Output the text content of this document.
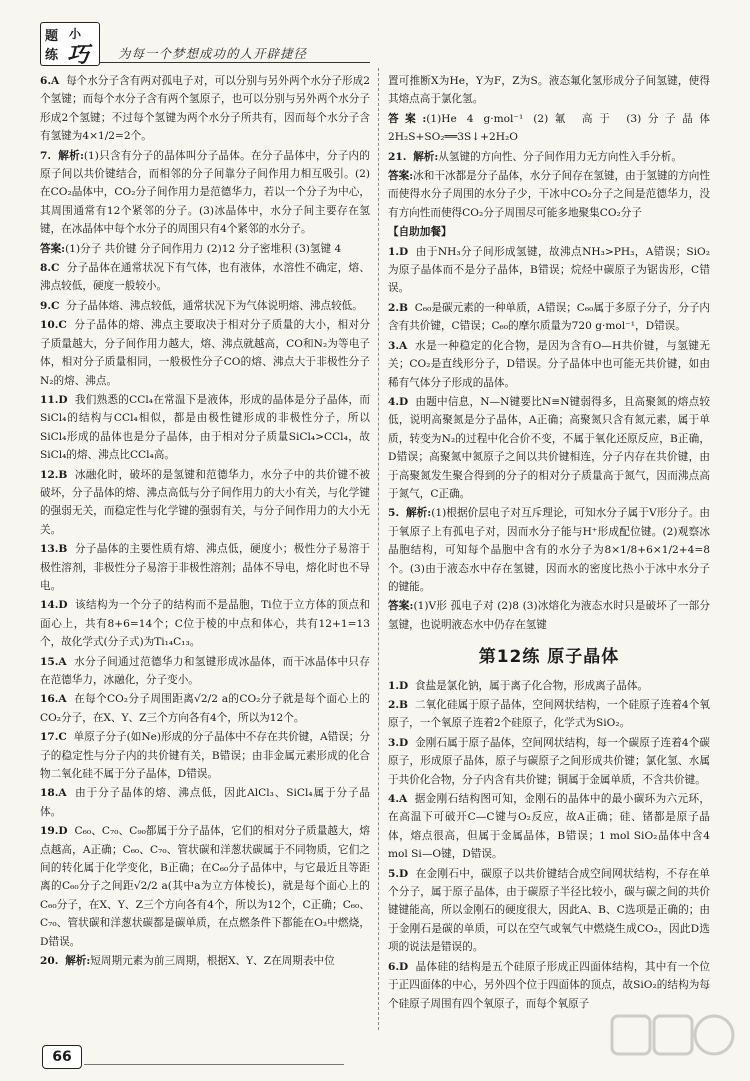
题
练
小
巧 为每一个梦想成功的人开辟捷径
6.A 每个水分子含有两对孤电子对，可以分别与另外两个水分子形成2个氢键；而每个水分子含有两个氢原子，也可以分别与另外两个水分子形成2个氢键；不过每个氢键为两个水分子所共有，因而每个水分子含有氢键为4×1/2=2个。
7. 解析:(1)只含有分子的晶体叫分子晶体。在分子晶体中，分子内的原子间以共价键结合，而相邻的分子间靠分子间作用力相互吸引。(2)在CO₂晶体中，CO₂分子间作用力是范德华力，若以一个分子为中心，其周围通常有12个紧邻的分子。(3)冰晶体中，水分子间主要存在氢键，在冰晶体中每个水分子的周围只有4个紧邻的水分子。
答案:(1)分子 共价键 分子间作用力 (2)12 分子密堆积 (3)氢键 4
8.C 分子晶体在通常状况下有气体，也有液体，水溶性不确定，熔、沸点较低，硬度一般较小。
9.C 分子晶体熔、沸点较低，通常状况下为气体说明熔、沸点较低。
10.C 分子晶体的熔、沸点主要取决于相对分子质量的大小，相对分子质量越大，分子间作用力越大，熔、沸点就越高，CO和N₂为等电子体，相对分子质量相同，一般极性分子CO的熔、沸点大于非极性分子N₂的熔、沸点。
11.D 我们熟悉的CCl₄在常温下是液体，形成的晶体是分子晶体，而SiCl₄的结构与CCl₄相似，都是由极性键形成的非极性分子，所以SiCl₄形成的晶体也是分子晶体，由于相对分子质量SiCl₄>CCl₄，故SiCl₄的熔、沸点比CCl₄高。
12.B 冰融化时，破坏的是氢键和范德华力，水分子中的共价键不被破坏，分子晶体的熔、沸点高低与分子间作用力的大小有关，与化学键的强弱无关，而稳定性与化学键的强弱有关，与分子间作用力的大小无关。
13.B 分子晶体的主要性质有熔、沸点低，硬度小；极性分子易溶于极性溶剂，非极性分子易溶于非极性溶剂；晶体不导电，熔化时也不导电。
14.D 该结构为一个分子的结构而不是晶胞，Ti位于立方体的顶点和面心上，共有8+6=14个；C位于棱的中点和体心，共有12+1=13个，故化学式(分子式)为Ti₁₄C₁₃。
15.A 水分子间通过范德华力和氢键形成冰晶体，而干冰晶体中只存在范德华力，冰融化，分子变小。
16.A 在每个CO₂分子周围距离√2/2 a的CO₂分子就是每个面心上的CO₂分子，在X、Y、Z三个方向各有4个，所以为12个。
17.C 单原子分子(如Ne)形成的分子晶体中不存在共价键，A错误；分子的稳定性与分子内的共价键有关，B错误；由非金属元素形成的化合物二氧化硅不属于分子晶体，D错误。
18.A 由于分子晶体的熔、沸点低，因此AlCl₃、SiCl₄属于分子晶体。
19.D C₆₀、C₇₀、C₉₀都属于分子晶体，它们的相对分子质量越大，熔点越高，A正确；C₆₀、C₇₀、管状碳和洋葱状碳属于不同物质，它们之间的转化属于化学变化，B正确；在C₆₀分子晶体中，与它最近且等距离的C₆₀分子之间距√2/2 a(其中a为立方体棱长)，就是每个面心上的C₆₀分子，在X、Y、Z三个方向各有4个，所以为12个，C正确；C₆₀、C₇₀、管状碳和洋葱状碳都是碳单质，在点燃条件下都能在O₂中燃烧，D错误。
20. 解析:短周期元素为前三周期，根据X、Y、Z在周期表中位
置可推断X为He，Y为F，Z为S。液态氟化氢形成分子间氢键，使得其熔点高于氯化氢。
答案:(1)He 4 g·mol⁻¹ (2)氟 高于 (3)分子晶体 2H₂S+SO₂══3S↓+2H₂O
21. 解析:从氢键的方向性、分子间作用力无方向性入手分析。
答案:冰和干冰都是分子晶体，水分子间存在氢键，由于氢键的方向性而使得水分子周围的水分子少，干冰中CO₂分子之间是范德华力，没有方向性而使得CO₂分子周围尽可能多地聚集CO₂分子
【自助加餐】
1.D 由于NH₃分子间形成氢键，故沸点NH₃>PH₃，A错误；SiO₂为原子晶体而不是分子晶体，B错误；烷烃中碳原子为锯齿形，C错误。
2.B C₆₀是碳元素的一种单质，A错误；C₆₀属于多原子分子，分子内含有共价键，C错误；C₆₀的摩尔质量为720 g·mol⁻¹，D错误。
3.A 水是一种稳定的化合物，是因为含有O—H共价键，与氢键无关；CO₂是直线形分子，D错误。分子晶体中也可能无共价键，如由稀有气体分子形成的晶体。
4.D 由题中信息，N—N键要比N≡N键弱得多，且高聚氮的熔点较低，说明高聚氮是分子晶体，A正确；高聚氮只含有氮元素，属于单质，转变为N₂的过程中化合价不变，不属于氧化还原反应，B正确，D错误；高聚氮中氮原子之间以共价键相连，分子内存在共价键，由于高聚氮发生聚合得到的分子的相对分子质量高于氮气，因而沸点高于氮气，C正确。
5. 解析:(1)根据价层电子对互斥理论，可知水分子属于V形分子。由于氧原子上有孤电子对，因而水分子能与H⁺形成配位键。(2)观察冰晶胞结构，可知每个晶胞中含有的水分子为8×1/8+6×1/2+4=8个。(3)由于液态水中存在氢键，因而水的密度比热小于冰中水分子的键能。
答案:(1)V形 孤电子对 (2)8 (3)冰熔化为液态水时只是破坏了一部分氢键，也说明液态水中仍存在氢键
第12练 原子晶体
1.D 食盐是氯化钠，属于离子化合物，形成离子晶体。
2.B 二氧化硅属于原子晶体，空间网状结构，一个硅原子连着4个氧原子，一个氧原子连着2个硅原子，化学式为SiO₂。
3.D 金刚石属于原子晶体，空间网状结构，每一个碳原子连着4个碳原子，形成原子晶体，原子与碳原子之间形成共价键；氯化氢、水属于共价化合物，分子内含有共价键；铜属于金属单质，不含共价键。
4.A 据金刚石结构图可知，金刚石的晶体中的最小碳环为六元环，在高温下可破开C—C键与O₂反应，故A正确；硅、锗都是原子晶体，熔点很高，但属于金属晶体，B错误；1 mol SiO₂晶体中含4 mol Si—O键，D错误。
5.D 在金刚石中，碳原子以共价键结合成空间网状结构，不存在单个分子，属于原子晶体，由于碳原子半径比较小，碳与碳之间的共价键键能高，所以金刚石的硬度很大，因此A、B、C选项是正确的；由于金刚石是碳的单质，可以在空气或氧气中燃烧生成CO₂，因此D选项的说法是错误的。
6.D 晶体硅的结构是五个硅原子形成正四面体结构，其中有一个位于正四面体的中心，另外四个位于四面体的顶点，故SiO₂的结构为每个硅原子周围有四个氧原子，而每个氧原子
66
